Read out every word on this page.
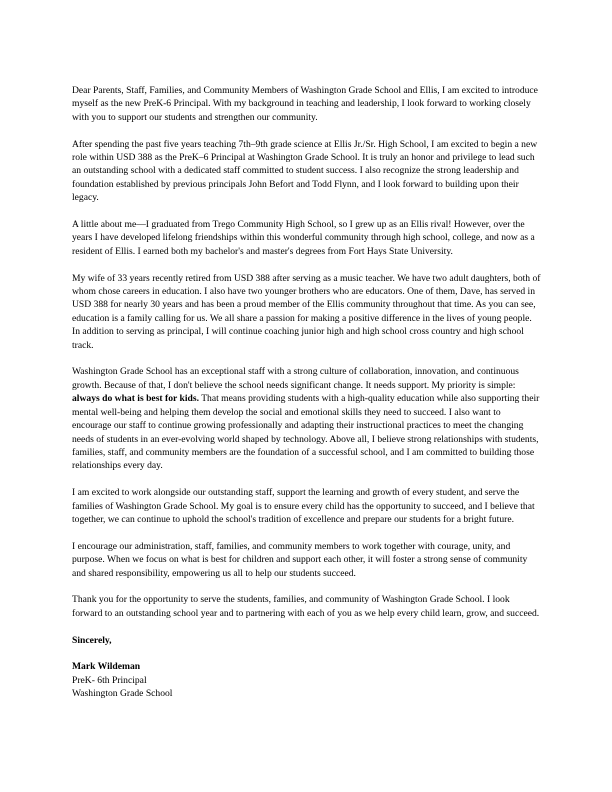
Dear Parents, Staff, Families, and Community Members of Washington Grade School and Ellis, I am excited to introduce myself as the new PreK-6 Principal. With my background in teaching and leadership, I look forward to working closely with you to support our students and strengthen our community.

After spending the past five years teaching 7th–9th grade science at Ellis Jr./Sr. High School, I am excited to begin a new role within USD 388 as the PreK–6 Principal at Washington Grade School. It is truly an honor and privilege to lead such an outstanding school with a dedicated staff committed to student success. I also recognize the strong leadership and foundation established by previous principals John Befort and Todd Flynn, and I look forward to building upon their legacy.

A little about me—I graduated from Trego Community High School, so I grew up as an Ellis rival! However, over the years I have developed lifelong friendships within this wonderful community through high school, college, and now as a resident of Ellis. I earned both my bachelor's and master's degrees from Fort Hays State University.

My wife of 33 years recently retired from USD 388 after serving as a music teacher. We have two adult daughters, both of whom chose careers in education. I also have two younger brothers who are educators. One of them, Dave, has served in USD 388 for nearly 30 years and has been a proud member of the Ellis community throughout that time. As you can see, education is a family calling for us. We all share a passion for making a positive difference in the lives of young people. In addition to serving as principal, I will continue coaching junior high and high school cross country and high school track.

Washington Grade School has an exceptional staff with a strong culture of collaboration, innovation, and continuous growth. Because of that, I don't believe the school needs significant change. It needs support. My priority is simple: always do what is best for kids. That means providing students with a high-quality education while also supporting their mental well-being and helping them develop the social and emotional skills they need to succeed. I also want to encourage our staff to continue growing professionally and adapting their instructional practices to meet the changing needs of students in an ever-evolving world shaped by technology. Above all, I believe strong relationships with students, families, staff, and community members are the foundation of a successful school, and I am committed to building those relationships every day.

I am excited to work alongside our outstanding staff, support the learning and growth of every student, and serve the families of Washington Grade School. My goal is to ensure every child has the opportunity to succeed, and I believe that together, we can continue to uphold the school's tradition of excellence and prepare our students for a bright future.

I encourage our administration, staff, families, and community members to work together with courage, unity, and purpose. When we focus on what is best for children and support each other, it will foster a strong sense of community and shared responsibility, empowering us all to help our students succeed.

Thank you for the opportunity to serve the students, families, and community of Washington Grade School. I look forward to an outstanding school year and to partnering with each of you as we help every child learn, grow, and succeed.

Sincerely,

Mark Wildeman
PreK- 6th Principal
Washington Grade School
